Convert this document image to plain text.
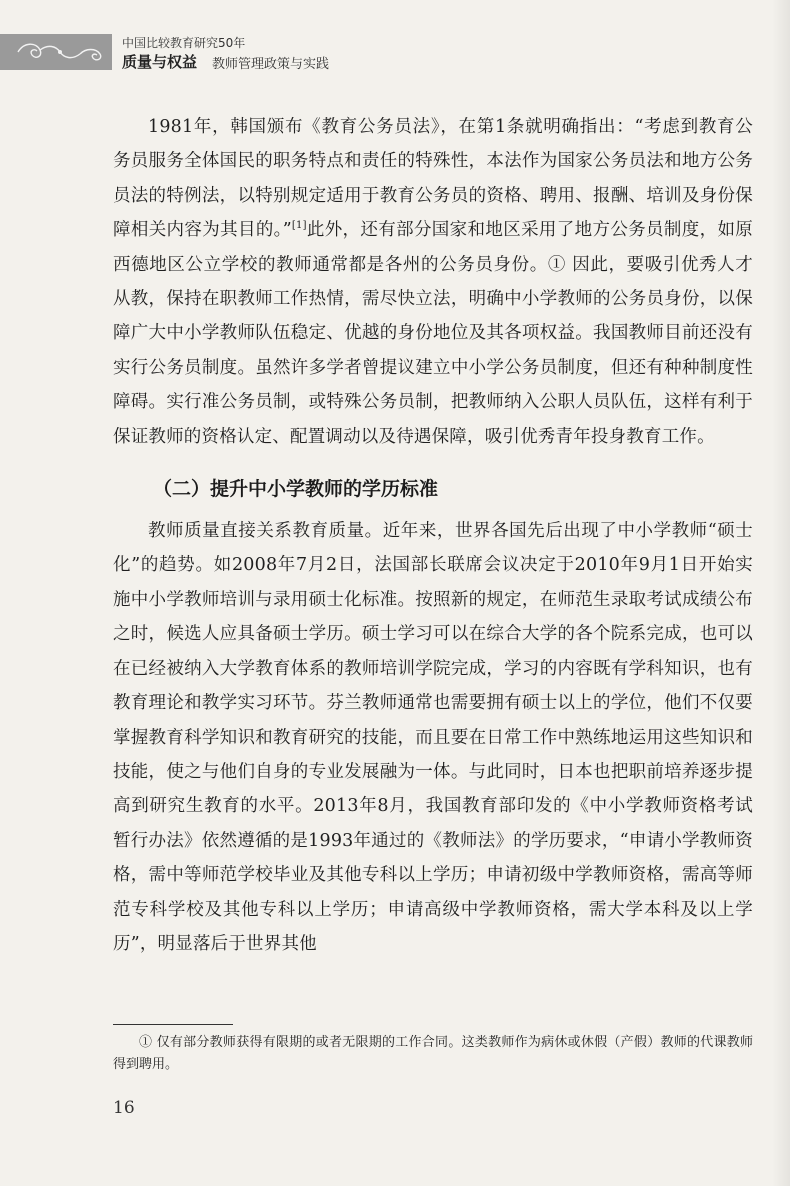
中国比较教育研究50年
质量与权益 教师管理政策与实践

1981年，韩国颁布《教育公务员法》，在第1条就明确指出：“考虑到教育公务员服务全体国民的职务特点和责任的特殊性，本法作为国家公务员法和地方公务员法的特例法，以特别规定适用于教育公务员的资格、聘用、报酬、培训及身份保障相关内容为其目的。”[1]此外，还有部分国家和地区采用了地方公务员制度，如原西德地区公立学校的教师通常都是各州的公务员身份。① 因此，要吸引优秀人才从教，保持在职教师工作热情，需尽快立法，明确中小学教师的公务员身份，以保障广大中小学教师队伍稳定、优越的身份地位及其各项权益。我国教师目前还没有实行公务员制度。虽然许多学者曾提议建立中小学公务员制度，但还有种种制度性障碍。实行准公务员制，或特殊公务员制，把教师纳入公职人员队伍，这样有利于保证教师的资格认定、配置调动以及待遇保障，吸引优秀青年投身教育工作。

（二）提升中小学教师的学历标准

教师质量直接关系教育质量。近年来，世界各国先后出现了中小学教师“硕士化”的趋势。如2008年7月2日，法国部长联席会议决定于2010年9月1日开始实施中小学教师培训与录用硕士化标准。按照新的规定，在师范生录取考试成绩公布之时，候选人应具备硕士学历。硕士学习可以在综合大学的各个院系完成，也可以在已经被纳入大学教育体系的教师培训学院完成，学习的内容既有学科知识，也有教育理论和教学实习环节。芬兰教师通常也需要拥有硕士以上的学位，他们不仅要掌握教育科学知识和教育研究的技能，而且要在日常工作中熟练地运用这些知识和技能，使之与他们自身的专业发展融为一体。与此同时，日本也把职前培养逐步提高到研究生教育的水平。2013年8月，我国教育部印发的《中小学教师资格考试暂行办法》依然遵循的是1993年通过的《教师法》的学历要求，“申请小学教师资格，需中等师范学校毕业及其他专科以上学历；申请初级中学教师资格，需高等师范专科学校及其他专科以上学历；申请高级中学教师资格，需大学本科及以上学历”，明显落后于世界其他

① 仅有部分教师获得有限期的或者无限期的工作合同。这类教师作为病休或休假（产假）教师的代课教师得到聘用。
16
